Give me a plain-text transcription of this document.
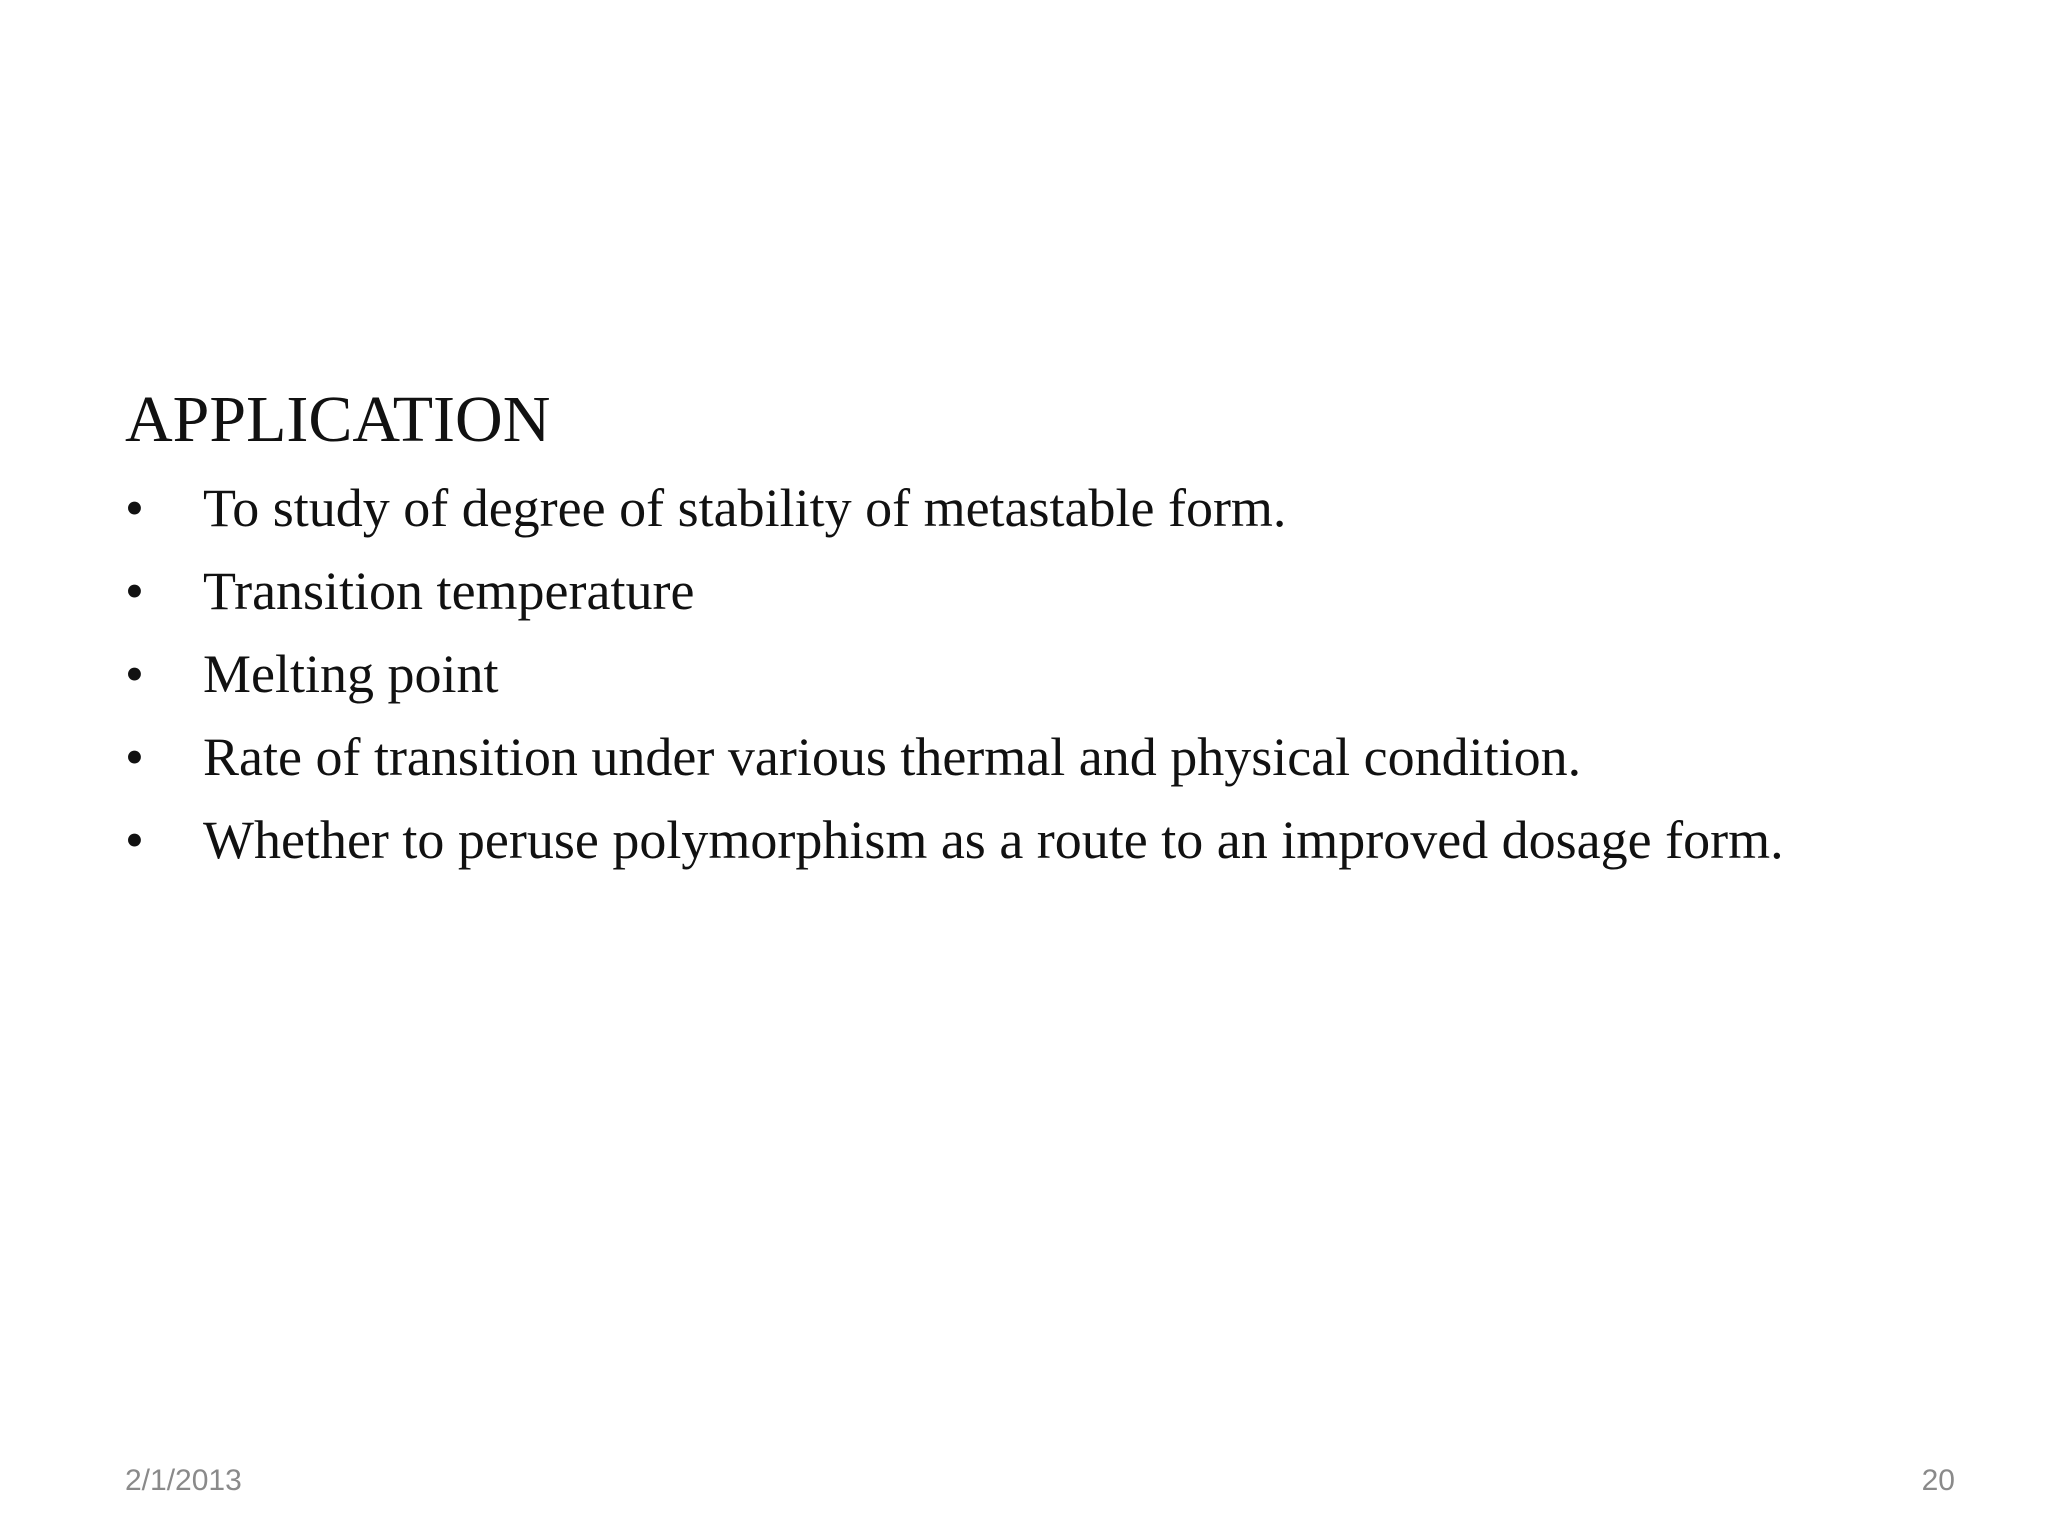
APPLICATION
•	To study of degree of stability of metastable form.
•	Transition temperature
•	Melting point
•	Rate of transition under various thermal and physical condition.
•	Whether to peruse polymorphism as a route to an improved dosage form.
2/1/2013	20
